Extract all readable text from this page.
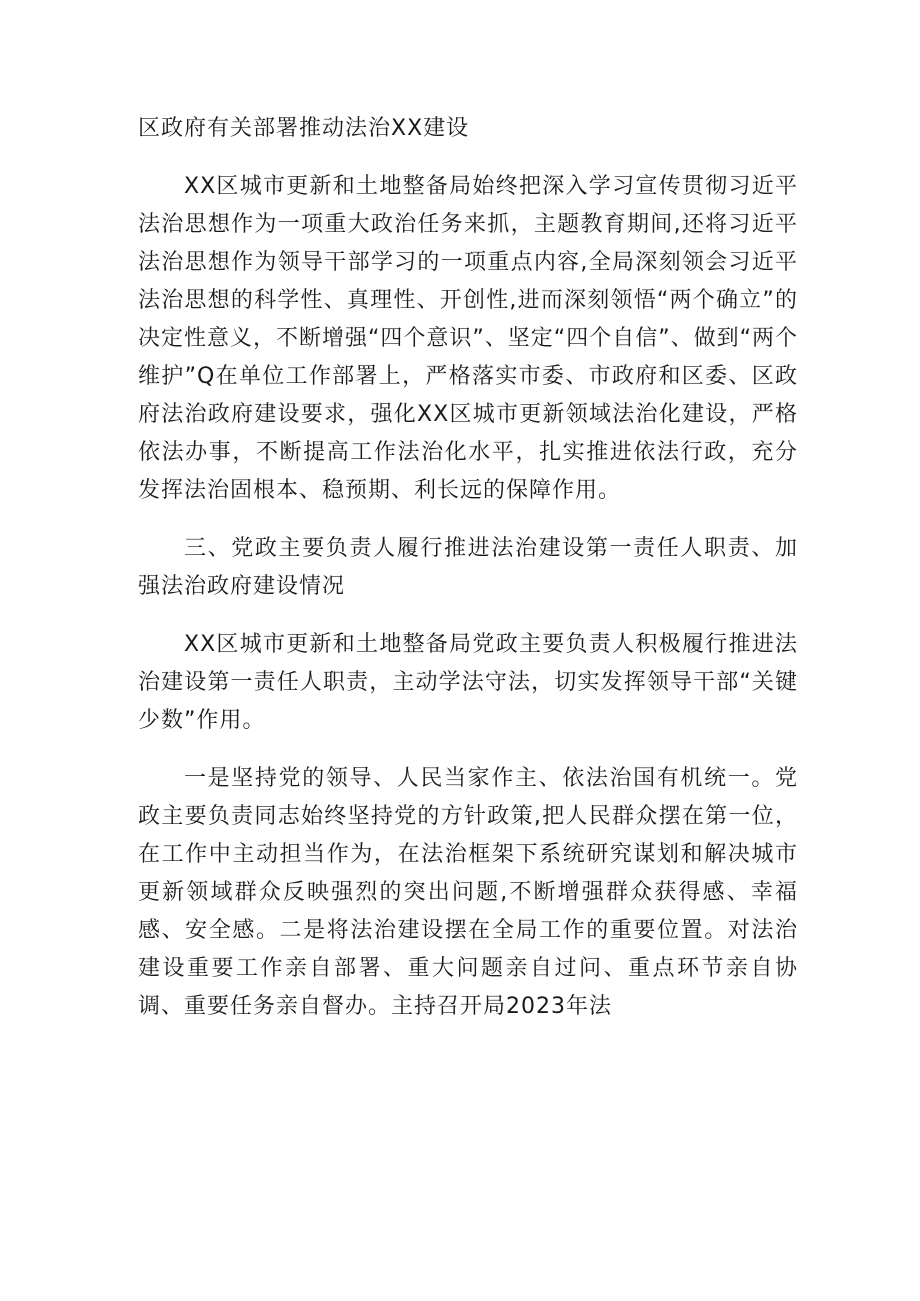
区政府有关部署推动法治XX建设

XX区城市更新和土地整备局始终把深入学习宣传贯彻习近平法治思想作为一项重大政治任务来抓，主题教育期间,还将习近平法治思想作为领导干部学习的一项重点内容,全局深刻领会习近平法治思想的科学性、真理性、开创性,进而深刻领悟“两个确立”的决定性意义，不断增强“四个意识”、坚定“四个自信”、做到“两个维护”Q在单位工作部署上，严格落实市委、市政府和区委、区政府法治政府建设要求，强化XX区城市更新领域法治化建设，严格依法办事，不断提高工作法治化水平，扎实推进依法行政，充分发挥法治固根本、稳预期、利长远的保障作用。

三、党政主要负责人履行推进法治建设第一责任人职责、加强法治政府建设情况

XX区城市更新和土地整备局党政主要负责人积极履行推进法治建设第一责任人职责，主动学法守法，切实发挥领导干部“关键少数”作用。

一是坚持党的领导、人民当家作主、依法治国有机统一。党政主要负责同志始终坚持党的方针政策,把人民群众摆在第一位，在工作中主动担当作为，在法治框架下系统研究谋划和解决城市更新领域群众反映强烈的突出问题,不断增强群众获得感、幸福感、安全感。二是将法治建设摆在全局工作的重要位置。对法治建设重要工作亲自部署、重大问题亲自过问、重点环节亲自协调、重要任务亲自督办。主持召开局2023年法
